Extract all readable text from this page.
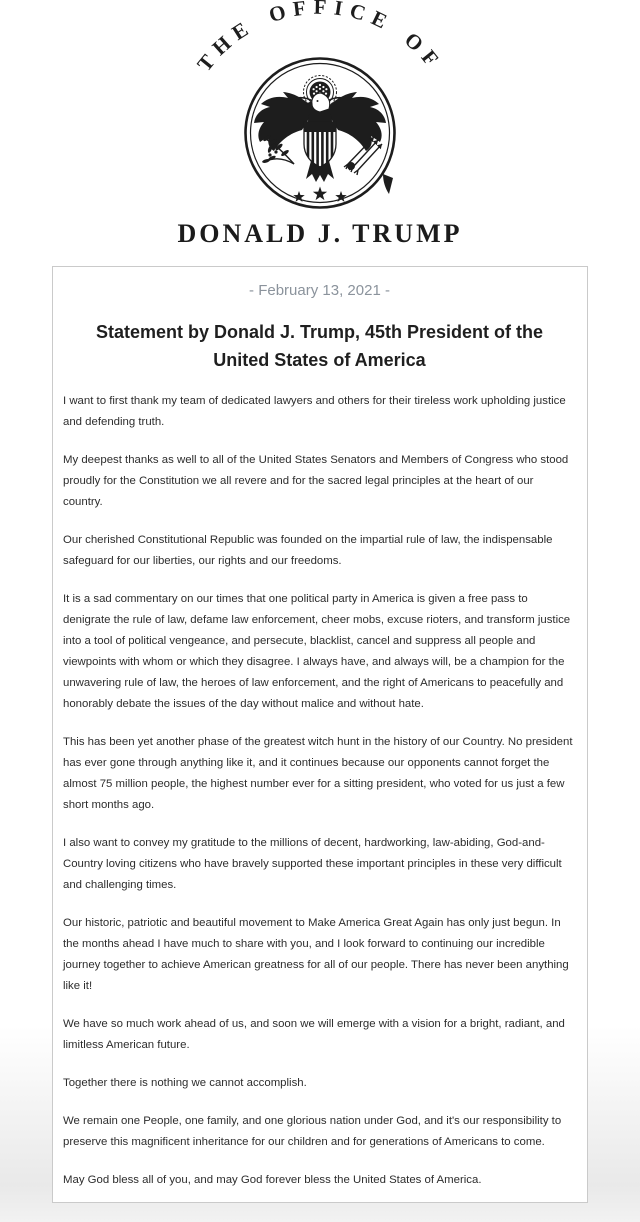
THE OFFICE OF
DONALD J. TRUMP
- February 13, 2021 -
Statement by Donald J. Trump, 45th President of the United States of America

I want to first thank my team of dedicated lawyers and others for their tireless work upholding justice and defending truth.

My deepest thanks as well to all of the United States Senators and Members of Congress who stood proudly for the Constitution we all revere and for the sacred legal principles at the heart of our country.

Our cherished Constitutional Republic was founded on the impartial rule of law, the indispensable safeguard for our liberties, our rights and our freedoms.

It is a sad commentary on our times that one political party in America is given a free pass to denigrate the rule of law, defame law enforcement, cheer mobs, excuse rioters, and transform justice into a tool of political vengeance, and persecute, blacklist, cancel and suppress all people and viewpoints with whom or which they disagree. I always have, and always will, be a champion for the unwavering rule of law, the heroes of law enforcement, and the right of Americans to peacefully and honorably debate the issues of the day without malice and without hate.

This has been yet another phase of the greatest witch hunt in the history of our Country. No president has ever gone through anything like it, and it continues because our opponents cannot forget the almost 75 million people, the highest number ever for a sitting president, who voted for us just a few short months ago.

I also want to convey my gratitude to the millions of decent, hardworking, law-abiding, God-and-Country loving citizens who have bravely supported these important principles in these very difficult and challenging times.

Our historic, patriotic and beautiful movement to Make America Great Again has only just begun. In the months ahead I have much to share with you, and I look forward to continuing our incredible journey together to achieve American greatness for all of our people. There has never been anything like it!

We have so much work ahead of us, and soon we will emerge with a vision for a bright, radiant, and limitless American future.

Together there is nothing we cannot accomplish.

We remain one People, one family, and one glorious nation under God, and it's our responsibility to preserve this magnificent inheritance for our children and for generations of Americans to come.

May God bless all of you, and may God forever bless the United States of America.
